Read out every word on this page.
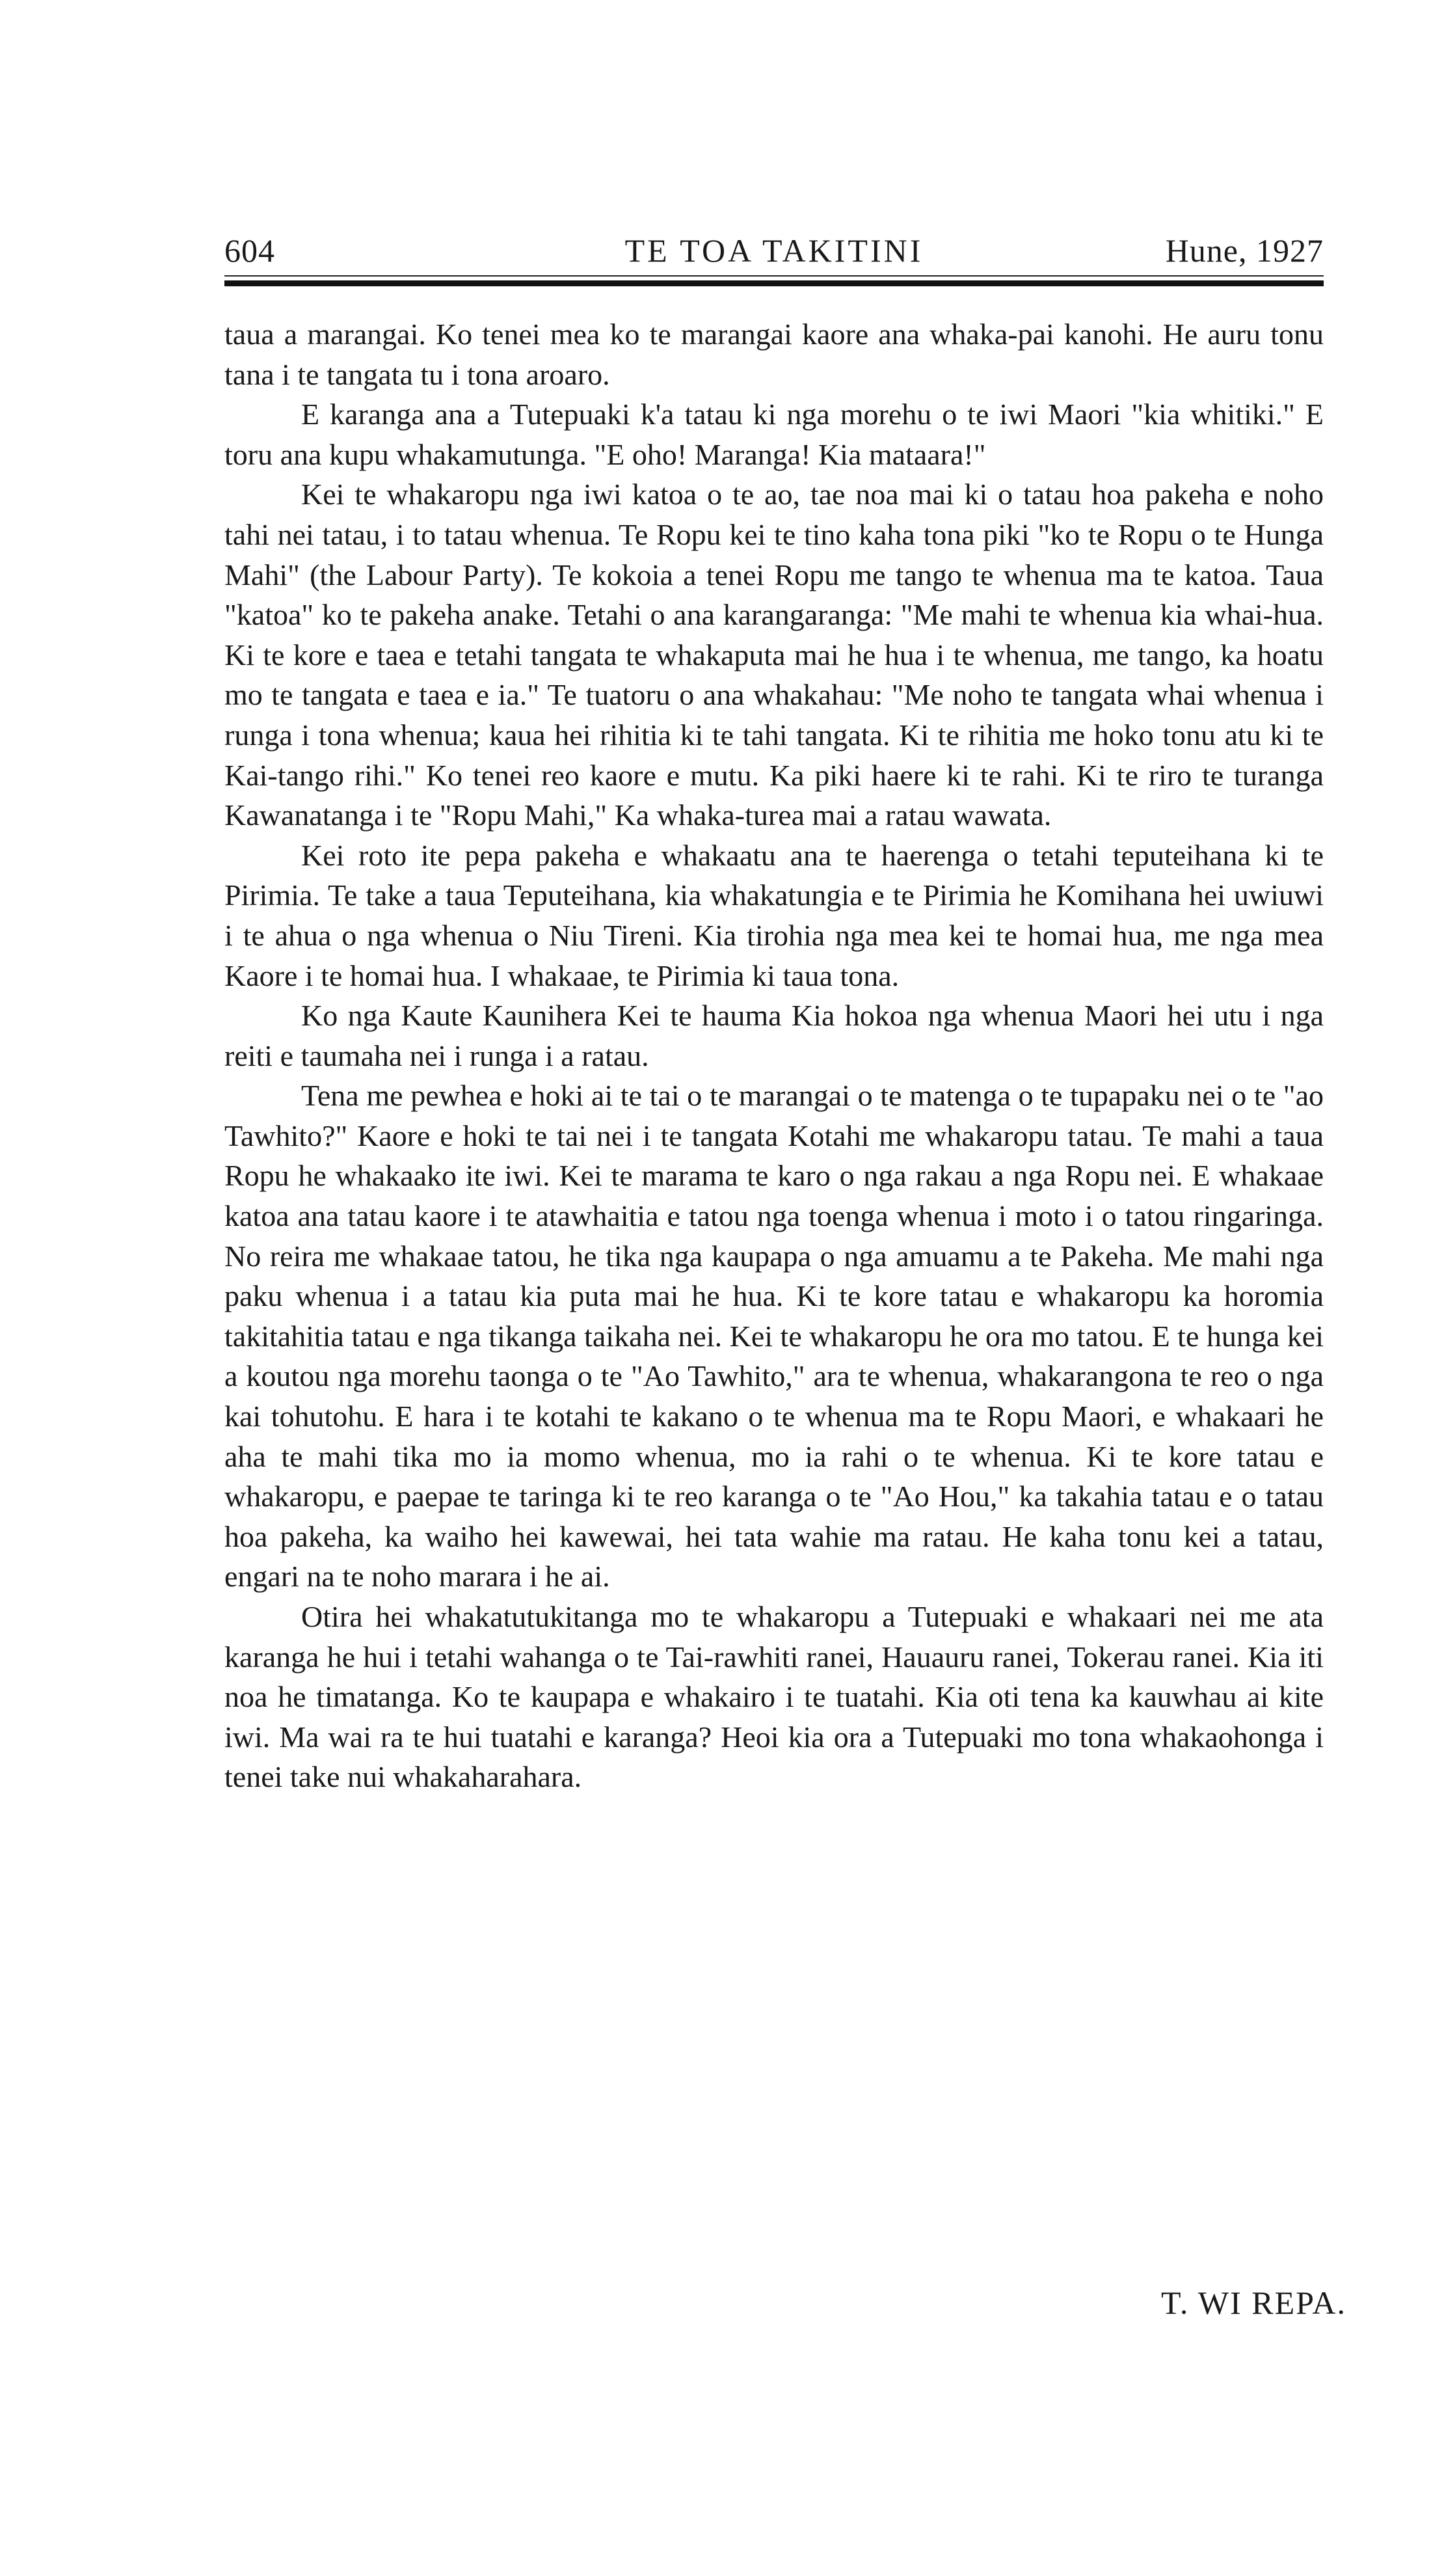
604	TE TOA TAKITINI	Hune, 1927

taua a marangai. Ko tenei mea ko te marangai kaore ana whaka-pai kanohi. He auru tonu tana i te tangata tu i tona aroaro.

E karanga ana a Tutepuaki k'a tatau ki nga morehu o te iwi Maori "kia whitiki." E toru ana kupu whakamutunga. "E oho! Maranga! Kia mataara!"

Kei te whakaropu nga iwi katoa o te ao, tae noa mai ki o tatau hoa pakeha e noho tahi nei tatau, i to tatau whenua. Te Ropu kei te tino kaha tona piki "ko te Ropu o te Hunga Mahi" (the Labour Party). Te kokoia a tenei Ropu me tango te whenua ma te katoa. Taua "katoa" ko te pakeha anake. Tetahi o ana karangaranga: "Me mahi te whenua kia whai-hua. Ki te kore e taea e tetahi tangata te whakaputa mai he hua i te whenua, me tango, ka hoatu mo te tangata e taea e ia." Te tuatoru o ana whakahau: "Me noho te tangata whai whenua i runga i tona whenua; kaua hei rihitia ki te tahi tangata. Ki te rihitia me hoko tonu atu ki te Kai-tango rihi." Ko tenei reo kaore e mutu. Ka piki haere ki te rahi. Ki te riro te turanga Kawanatanga i te "Ropu Mahi," Ka whaka-turea mai a ratau wawata.

Kei roto ite pepa pakeha e whakaatu ana te haerenga o tetahi teputeihana ki te Pirimia. Te take a taua Teputeihana, kia whakatungia e te Pirimia he Komihana hei uwiuwi i te ahua o nga whenua o Niu Tireni. Kia tirohia nga mea kei te homai hua, me nga mea Kaore i te homai hua. I whakaae, te Pirimia ki taua tona.

Ko nga Kaute Kaunihera Kei te hauma Kia hokoa nga whenua Maori hei utu i nga reiti e taumaha nei i runga i a ratau.

Tena me pewhea e hoki ai te tai o te marangai o te matenga o te tupapaku nei o te "ao Tawhito?" Kaore e hoki te tai nei i te tangata Kotahi me whakaropu tatau. Te mahi a taua Ropu he whakaako ite iwi. Kei te marama te karo o nga rakau a nga Ropu nei. E whakaae katoa ana tatau kaore i te atawhaitia e tatou nga toenga whenua i moto i o tatou ringaringa. No reira me whakaae tatou, he tika nga kaupapa o nga amuamu a te Pakeha. Me mahi nga paku whenua i a tatau kia puta mai he hua. Ki te kore tatau e whakaropu ka horomia takitahitia tatau e nga tikanga taikaha nei. Kei te whakaropu he ora mo tatou. E te hunga kei a koutou nga morehu taonga o te "Ao Tawhito," ara te whenua, whakarangona te reo o nga kai tohutohu. E hara i te kotahi te kakano o te whenua ma te Ropu Maori, e whakaari he aha te mahi tika mo ia momo whenua, mo ia rahi o te whenua. Ki te kore tatau e whakaropu, e paepae te taringa ki te reo karanga o te "Ao Hou," ka takahia tatau e o tatau hoa pakeha, ka waiho hei kawewai, hei tata wahie ma ratau. He kaha tonu kei a tatau, engari na te noho marara i he ai.

Otira hei whakatutukitanga mo te whakaropu a Tutepuaki e whakaari nei me ata karanga he hui i tetahi wahanga o te Tai-rawhiti ranei, Hauauru ranei, Tokerau ranei. Kia iti noa he timatanga. Ko te kaupapa e whakairo i te tuatahi. Kia oti tena ka kauwhau ai kite iwi. Ma wai ra te hui tuatahi e karanga? Heoi kia ora a Tutepuaki mo tona whakaohonga i tenei take nui whakaharahara.

T. WI REPA.
